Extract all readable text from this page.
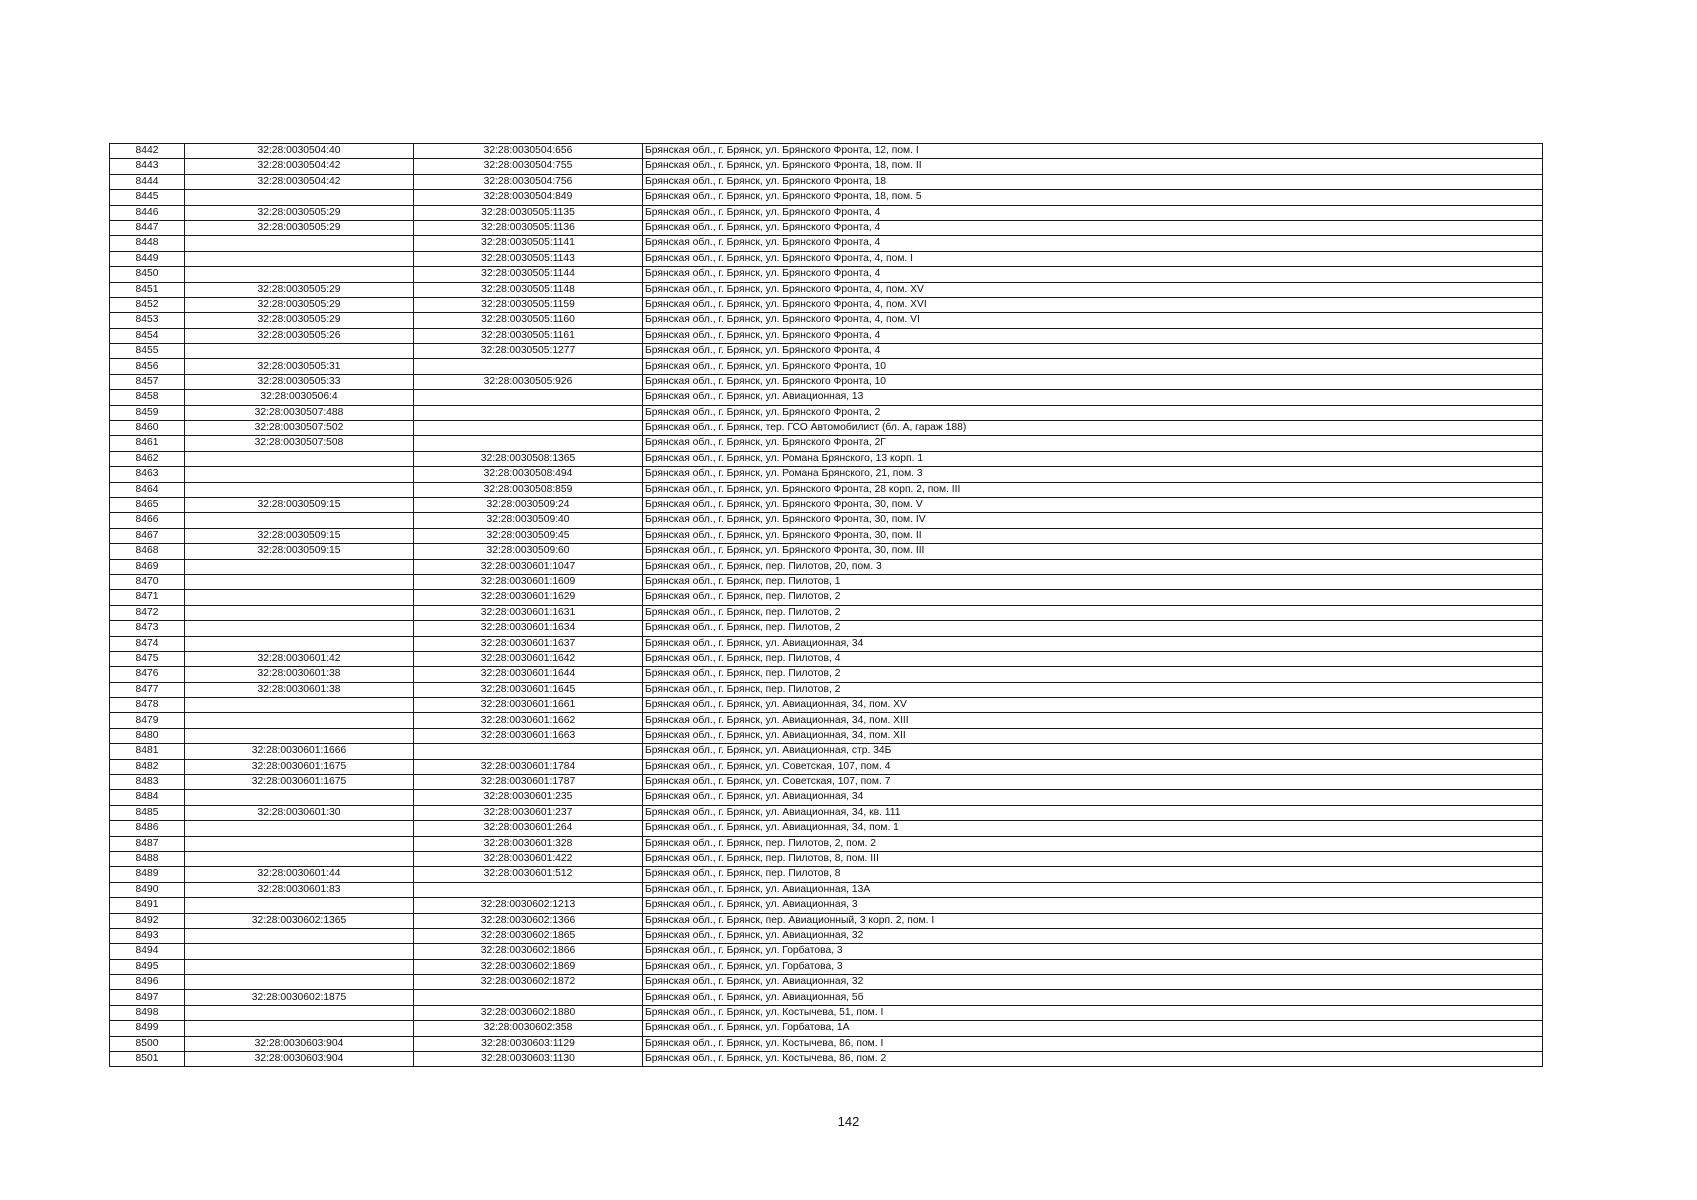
8442	32:28:0030504:40	32:28:0030504:656	Брянская обл., г. Брянск, ул. Брянского Фронта, 12, пом. I
8443	32:28:0030504:42	32:28:0030504:755	Брянская обл., г. Брянск, ул. Брянского Фронта, 18, пом. II
8444	32:28:0030504:42	32:28:0030504:756	Брянская обл., г. Брянск, ул. Брянского Фронта, 18
8445		32:28:0030504:849	Брянская обл., г. Брянск, ул. Брянского Фронта, 18, пом. 5
8446	32:28:0030505:29	32:28:0030505:1135	Брянская обл., г. Брянск, ул. Брянского Фронта, 4
8447	32:28:0030505:29	32:28:0030505:1136	Брянская обл., г. Брянск, ул. Брянского Фронта, 4
8448		32:28:0030505:1141	Брянская обл., г. Брянск, ул. Брянского Фронта, 4
8449		32:28:0030505:1143	Брянская обл., г. Брянск, ул. Брянского Фронта, 4, пом. I
8450		32:28:0030505:1144	Брянская обл., г. Брянск, ул. Брянского Фронта, 4
8451	32:28:0030505:29	32:28:0030505:1148	Брянская обл., г. Брянск, ул. Брянского Фронта, 4, пом. XV
8452	32:28:0030505:29	32:28:0030505:1159	Брянская обл., г. Брянск, ул. Брянского Фронта, 4, пом. XVI
8453	32:28:0030505:29	32:28:0030505:1160	Брянская обл., г. Брянск, ул. Брянского Фронта, 4, пом. VI
8454	32:28:0030505:26	32:28:0030505:1161	Брянская обл., г. Брянск, ул. Брянского Фронта, 4
8455		32:28:0030505:1277	Брянская обл., г. Брянск, ул. Брянского Фронта, 4
8456	32:28:0030505:31		Брянская обл., г. Брянск, ул. Брянского Фронта, 10
8457	32:28:0030505:33	32:28:0030505:926	Брянская обл., г. Брянск, ул. Брянского Фронта, 10
8458	32:28:0030506:4		Брянская обл., г. Брянск, ул. Авиационная, 13
8459	32:28:0030507:488		Брянская обл., г. Брянск, ул. Брянского Фронта, 2
8460	32:28:0030507:502		Брянская обл., г. Брянск, тер. ГСО Автомобилист (бл. А, гараж 188)
8461	32:28:0030507:508		Брянская обл., г. Брянск, ул. Брянского Фронта, 2Г
8462		32:28:0030508:1365	Брянская обл., г. Брянск, ул. Романа Брянского, 13 корп. 1
8463		32:28:0030508:494	Брянская обл., г. Брянск, ул. Романа Брянского, 21, пом. 3
8464		32:28:0030508:859	Брянская обл., г. Брянск, ул. Брянского Фронта, 28 корп. 2, пом. III
8465	32:28:0030509:15	32:28:0030509:24	Брянская обл., г. Брянск, ул. Брянского Фронта, 30, пом. V
8466		32:28:0030509:40	Брянская обл., г. Брянск, ул. Брянского Фронта, 30, пом. IV
8467	32:28:0030509:15	32:28:0030509:45	Брянская обл., г. Брянск, ул. Брянского Фронта, 30, пом. II
8468	32:28:0030509:15	32:28:0030509:60	Брянская обл., г. Брянск, ул. Брянского Фронта, 30, пом. III
8469		32:28:0030601:1047	Брянская обл., г. Брянск, пер. Пилотов, 20, пом. 3
8470		32:28:0030601:1609	Брянская обл., г. Брянск, пер. Пилотов, 1
8471		32:28:0030601:1629	Брянская обл., г. Брянск, пер. Пилотов, 2
8472		32:28:0030601:1631	Брянская обл., г. Брянск, пер. Пилотов, 2
8473		32:28:0030601:1634	Брянская обл., г. Брянск, пер. Пилотов, 2
8474		32:28:0030601:1637	Брянская обл., г. Брянск, ул. Авиационная, 34
8475	32:28:0030601:42	32:28:0030601:1642	Брянская обл., г. Брянск, пер. Пилотов, 4
8476	32:28:0030601:38	32:28:0030601:1644	Брянская обл., г. Брянск, пер. Пилотов, 2
8477	32:28:0030601:38	32:28:0030601:1645	Брянская обл., г. Брянск, пер. Пилотов, 2
8478		32:28:0030601:1661	Брянская обл., г. Брянск, ул. Авиационная, 34, пом. XV
8479		32:28:0030601:1662	Брянская обл., г. Брянск, ул. Авиационная, 34, пом. XIII
8480		32:28:0030601:1663	Брянская обл., г. Брянск, ул. Авиационная, 34, пом. XII
8481	32:28:0030601:1666		Брянская обл., г. Брянск, ул. Авиационная, стр. 34Б
8482	32:28:0030601:1675	32:28:0030601:1784	Брянская обл., г. Брянск, ул. Советская, 107, пом. 4
8483	32:28:0030601:1675	32:28:0030601:1787	Брянская обл., г. Брянск, ул. Советская, 107, пом. 7
8484		32:28:0030601:235	Брянская обл., г. Брянск, ул. Авиационная, 34
8485	32:28:0030601:30	32:28:0030601:237	Брянская обл., г. Брянск, ул. Авиационная, 34, кв. 111
8486		32:28:0030601:264	Брянская обл., г. Брянск, ул. Авиационная, 34, пом. 1
8487		32:28:0030601:328	Брянская обл., г. Брянск, пер. Пилотов, 2, пом. 2
8488		32:28:0030601:422	Брянская обл., г. Брянск, пер. Пилотов, 8, пом. III
8489	32:28:0030601:44	32:28:0030601:512	Брянская обл., г. Брянск, пер. Пилотов, 8
8490	32:28:0030601:83		Брянская обл., г. Брянск, ул. Авиационная, 13А
8491		32:28:0030602:1213	Брянская обл., г. Брянск, ул. Авиационная, 3
8492	32:28:0030602:1365	32:28:0030602:1366	Брянская обл., г. Брянск, пер. Авиационный, 3 корп. 2, пом. I
8493		32:28:0030602:1865	Брянская обл., г. Брянск, ул. Авиационная, 32
8494		32:28:0030602:1866	Брянская обл., г. Брянск, ул. Горбатова, 3
8495		32:28:0030602:1869	Брянская обл., г. Брянск, ул. Горбатова, 3
8496		32:28:0030602:1872	Брянская обл., г. Брянск, ул. Авиационная, 32
8497	32:28:0030602:1875		Брянская обл., г. Брянск, ул. Авиационная, 5б
8498		32:28:0030602:1880	Брянская обл., г. Брянск, ул. Костычева, 51, пом. I
8499		32:28:0030602:358	Брянская обл., г. Брянск, ул. Горбатова, 1А
8500	32:28:0030603:904	32:28:0030603:1129	Брянская обл., г. Брянск, ул. Костычева, 86, пом. I
8501	32:28:0030603:904	32:28:0030603:1130	Брянская обл., г. Брянск, ул. Костычева, 86, пом. 2
142
